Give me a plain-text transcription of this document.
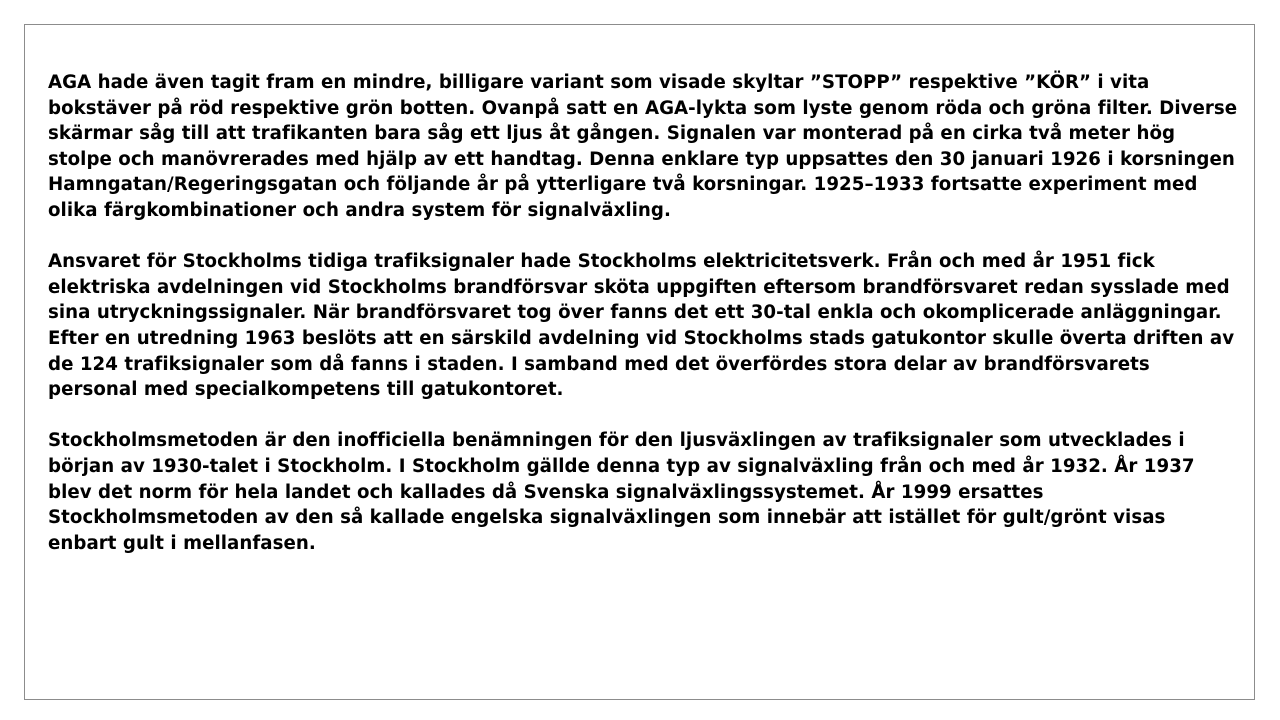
AGA hade även tagit fram en mindre, billigare variant som visade skyltar ”STOPP” respektive ”KÖR” i vita bokstäver på röd respektive grön botten. Ovanpå satt en AGA-lykta som lyste genom röda och gröna filter. Diverse skärmar såg till att trafikanten bara såg ett ljus åt gången. Signalen var monterad på en cirka två meter hög stolpe och manövrerades med hjälp av ett handtag. Denna enklare typ uppsattes den 30 januari 1926 i korsningen Hamngatan/Regeringsgatan och följande år på ytterligare två korsningar. 1925–1933 fortsatte experiment med olika färgkombinationer och andra system för signalväxling.

Ansvaret för Stockholms tidiga trafiksignaler hade Stockholms elektricitetsverk. Från och med år 1951 fick elektriska avdelningen vid Stockholms brandförsvar sköta uppgiften eftersom brandförsvaret redan sysslade med sina utryckningssignaler. När brandförsvaret tog över fanns det ett 30-tal enkla och okomplicerade anläggningar. Efter en utredning 1963 beslöts att en särskild avdelning vid Stockholms stads gatukontor skulle överta driften av de 124 trafiksignaler som då fanns i staden. I samband med det överfördes stora delar av brandförsvarets personal med specialkompetens till gatukontoret.

Stockholmsmetoden är den inofficiella benämningen för den ljusväxlingen av trafiksignaler som utvecklades i början av 1930-talet i Stockholm. I Stockholm gällde denna typ av signalväxling från och med år 1932. År 1937 blev det norm för hela landet och kallades då Svenska signalväxlingssystemet. År 1999 ersattes Stockholmsmetoden av den så kallade engelska signalväxlingen som innebär att istället för gult/grönt visas enbart gult i mellanfasen.
